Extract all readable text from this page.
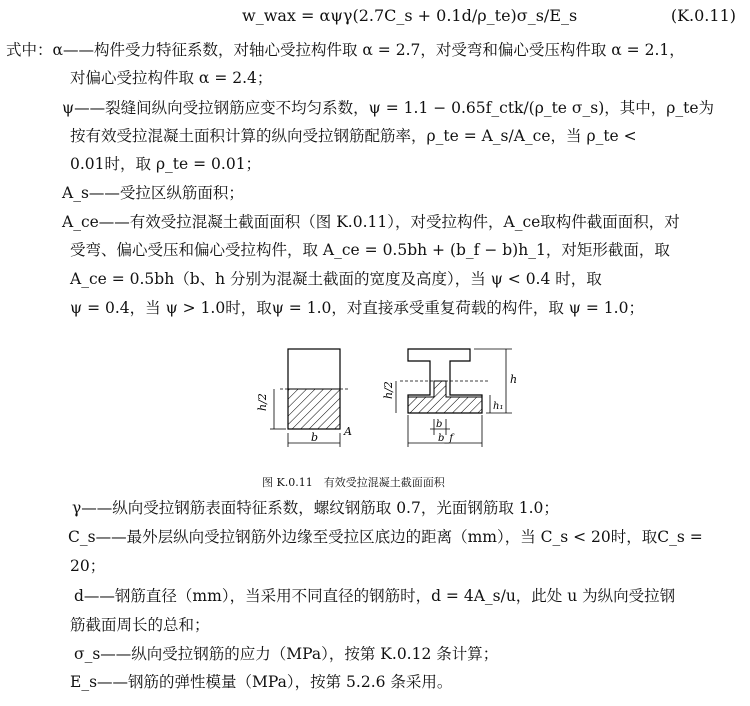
w_wax = αψγ(2.7C_s + 0.1d/ρ_te)σ_s/E_s	(K.0.11)
式中：α——构件受力特征系数，对轴心受拉构件取 α = 2.7，对受弯和偏心受压构件取 α = 2.1，
对偏心受拉构件取 α = 2.4；
ψ——裂缝间纵向受拉钢筋应变不均匀系数，ψ = 1.1 − 0.65f_ctk/(ρ_te σ_s)，其中，ρ_te为
按有效受拉混凝土面积计算的纵向受拉钢筋配筋率，ρ_te = A_s/A_ce，当 ρ_te <
0.01时，取 ρ_te = 0.01；
A_s——受拉区纵筋面积；
A_ce——有效受拉混凝土截面面积（图 K.0.11），对受拉构件，A_ce取构件截面面积，对
受弯、偏心受压和偏心受拉构件，取 A_ce = 0.5bh + (b_f − b)h_1，对矩形截面，取
A_ce = 0.5bh（b、h 分别为混凝土截面的宽度及高度），当 ψ < 0.4 时，取
ψ = 0.4，当 ψ > 1.0时，取ψ = 1.0，对直接承受重复荷载的构件，取 ψ = 1.0；
h/2
b A
h/2
h
h₁
b
b_f
图 K.0.11　有效受拉混凝土截面面积
γ——纵向受拉钢筋表面特征系数，螺纹钢筋取 0.7，光面钢筋取 1.0；
C_s——最外层纵向受拉钢筋外边缘至受拉区底边的距离（mm），当 C_s < 20时，取C_s =
20；
d——钢筋直径（mm），当采用不同直径的钢筋时，d = 4A_s/u，此处 u 为纵向受拉钢
筋截面周长的总和；
σ_s——纵向受拉钢筋的应力（MPa），按第 K.0.12 条计算；
E_s——钢筋的弹性模量（MPa），按第 5.2.6 条采用。
